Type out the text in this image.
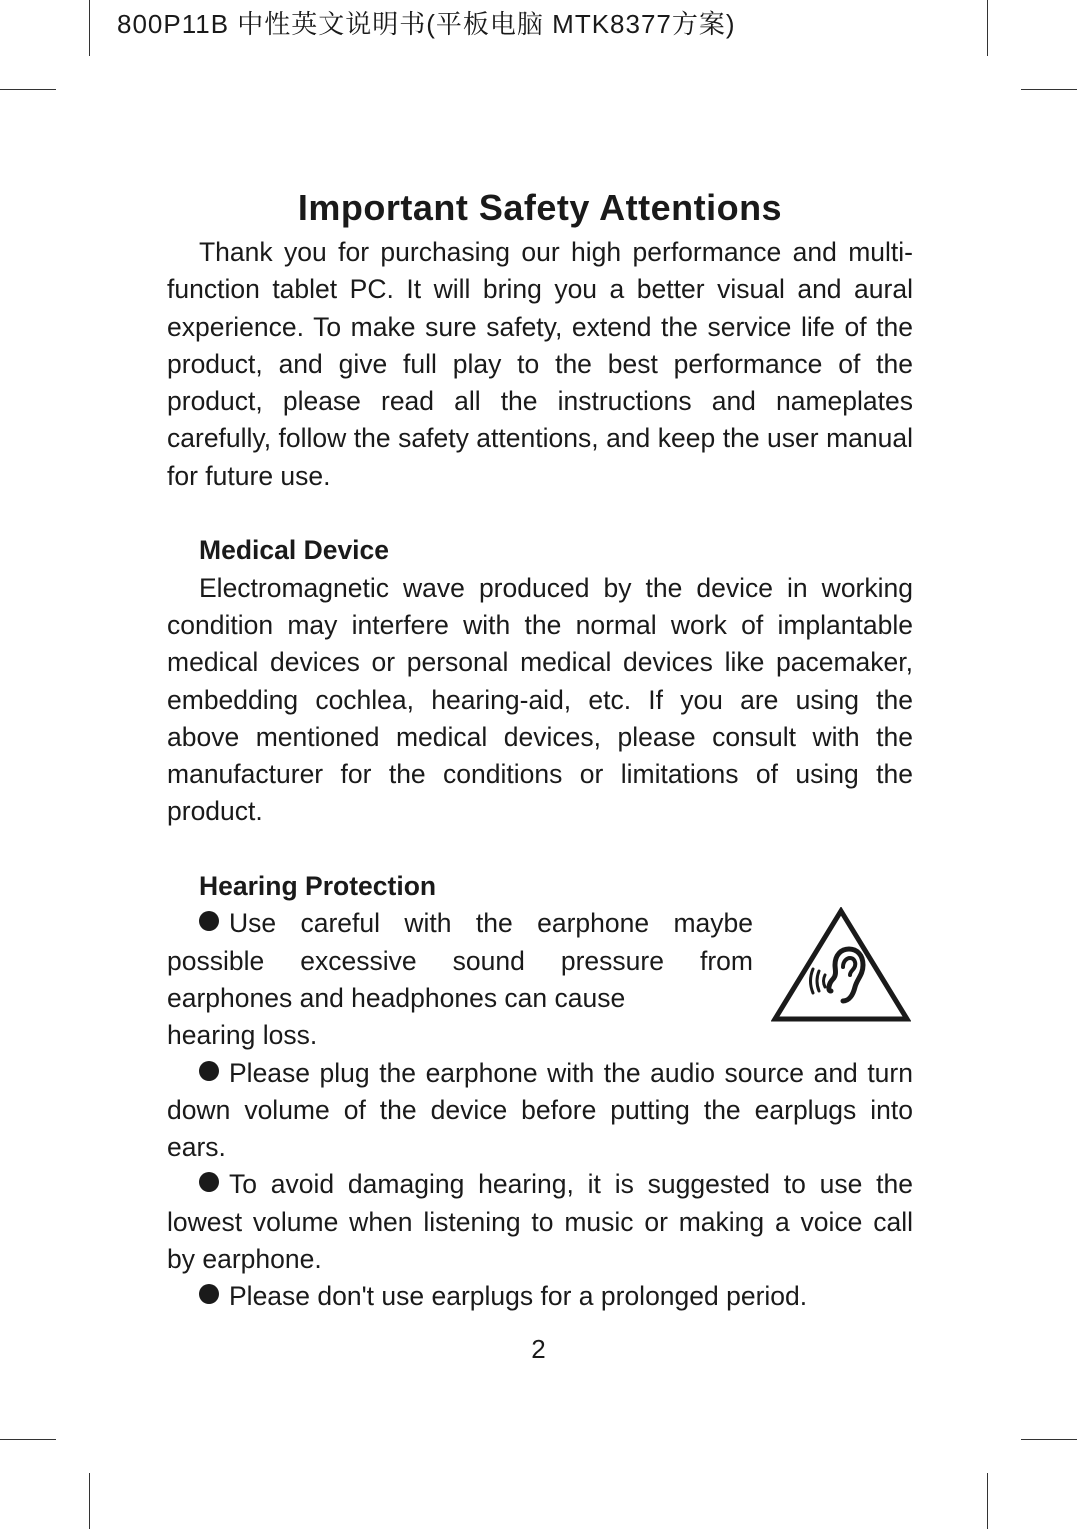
800P11B 中性英文说明书(平板电脑 MTK8377方案)
Important Safety Attentions

Thank you for purchasing our high performance and multi-function tablet PC. It will bring you a better visual and aural experience. To make sure safety, extend the service life of the product, and give full play to the best performance of the product, please read all the instructions and nameplates carefully, follow the safety attentions, and keep the user manual for future use.

Medical Device

Electromagnetic wave produced by the device in working condition may interfere with the normal work of implantable medical devices or personal medical devices like pacemaker, embedding cochlea, hearing-aid, etc. If you are using the above mentioned medical devices, please consult with the manufacturer for the conditions or limitations of using the product.

Hearing Protection

Use careful with the earphone maybe possible excessive sound pressure from earphones and headphones can cause

hearing loss.

Please plug the earphone with the audio source and turn down volume of the device before putting the earplugs into ears.

To avoid damaging hearing, it is suggested to use the lowest volume when listening to music or making a voice call by earphone.

Please don't use earplugs for a prolonged period.

2
